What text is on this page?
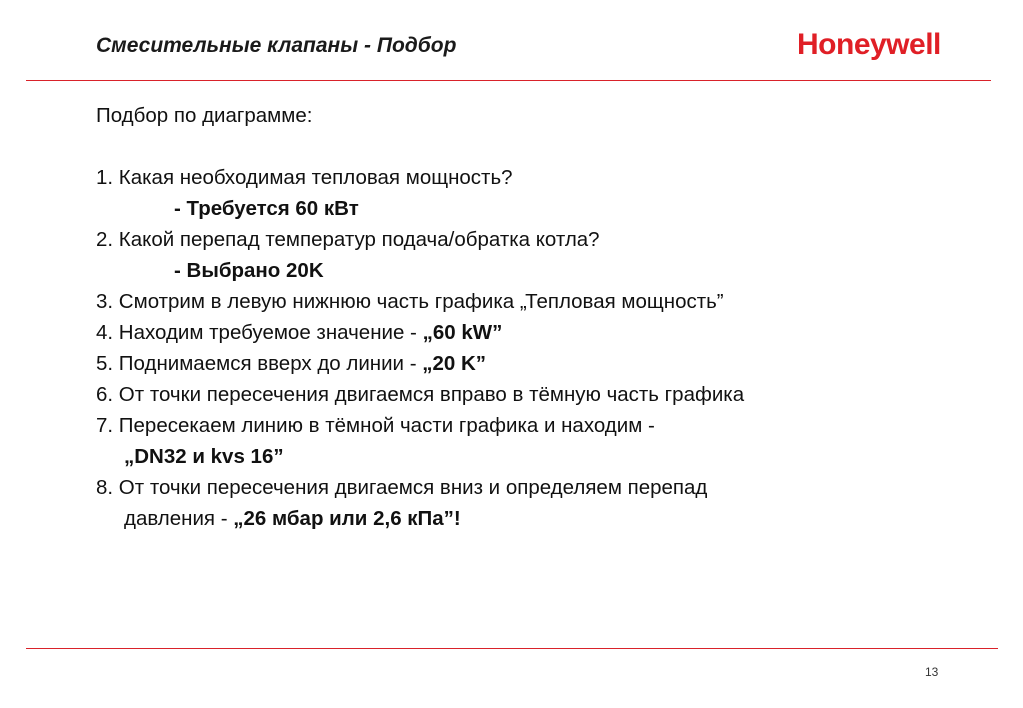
Смесительные клапаны - Подбор	Honeywell
Подбор по диаграмме:
1. Какая необходимая тепловая мощность?
- Требуется 60 кВт
2. Какой перепад температур подача/обратка котла?
- Выбрано 20K
3. Смотрим в левую нижнюю часть графика „Тепловая мощность”
4. Находим требуемое значение - „60 kW”
5. Поднимаемся вверх до линии - „20 K”
6. От точки пересечения двигаемся вправо в тёмную часть графика
7. Пересекаем линию в тёмной части графика и находим -
„DN32 и kvs 16”
8. От точки пересечения двигаемся вниз и определяем перепад
давления - „26 мбар или 2,6 кПа”!
13
